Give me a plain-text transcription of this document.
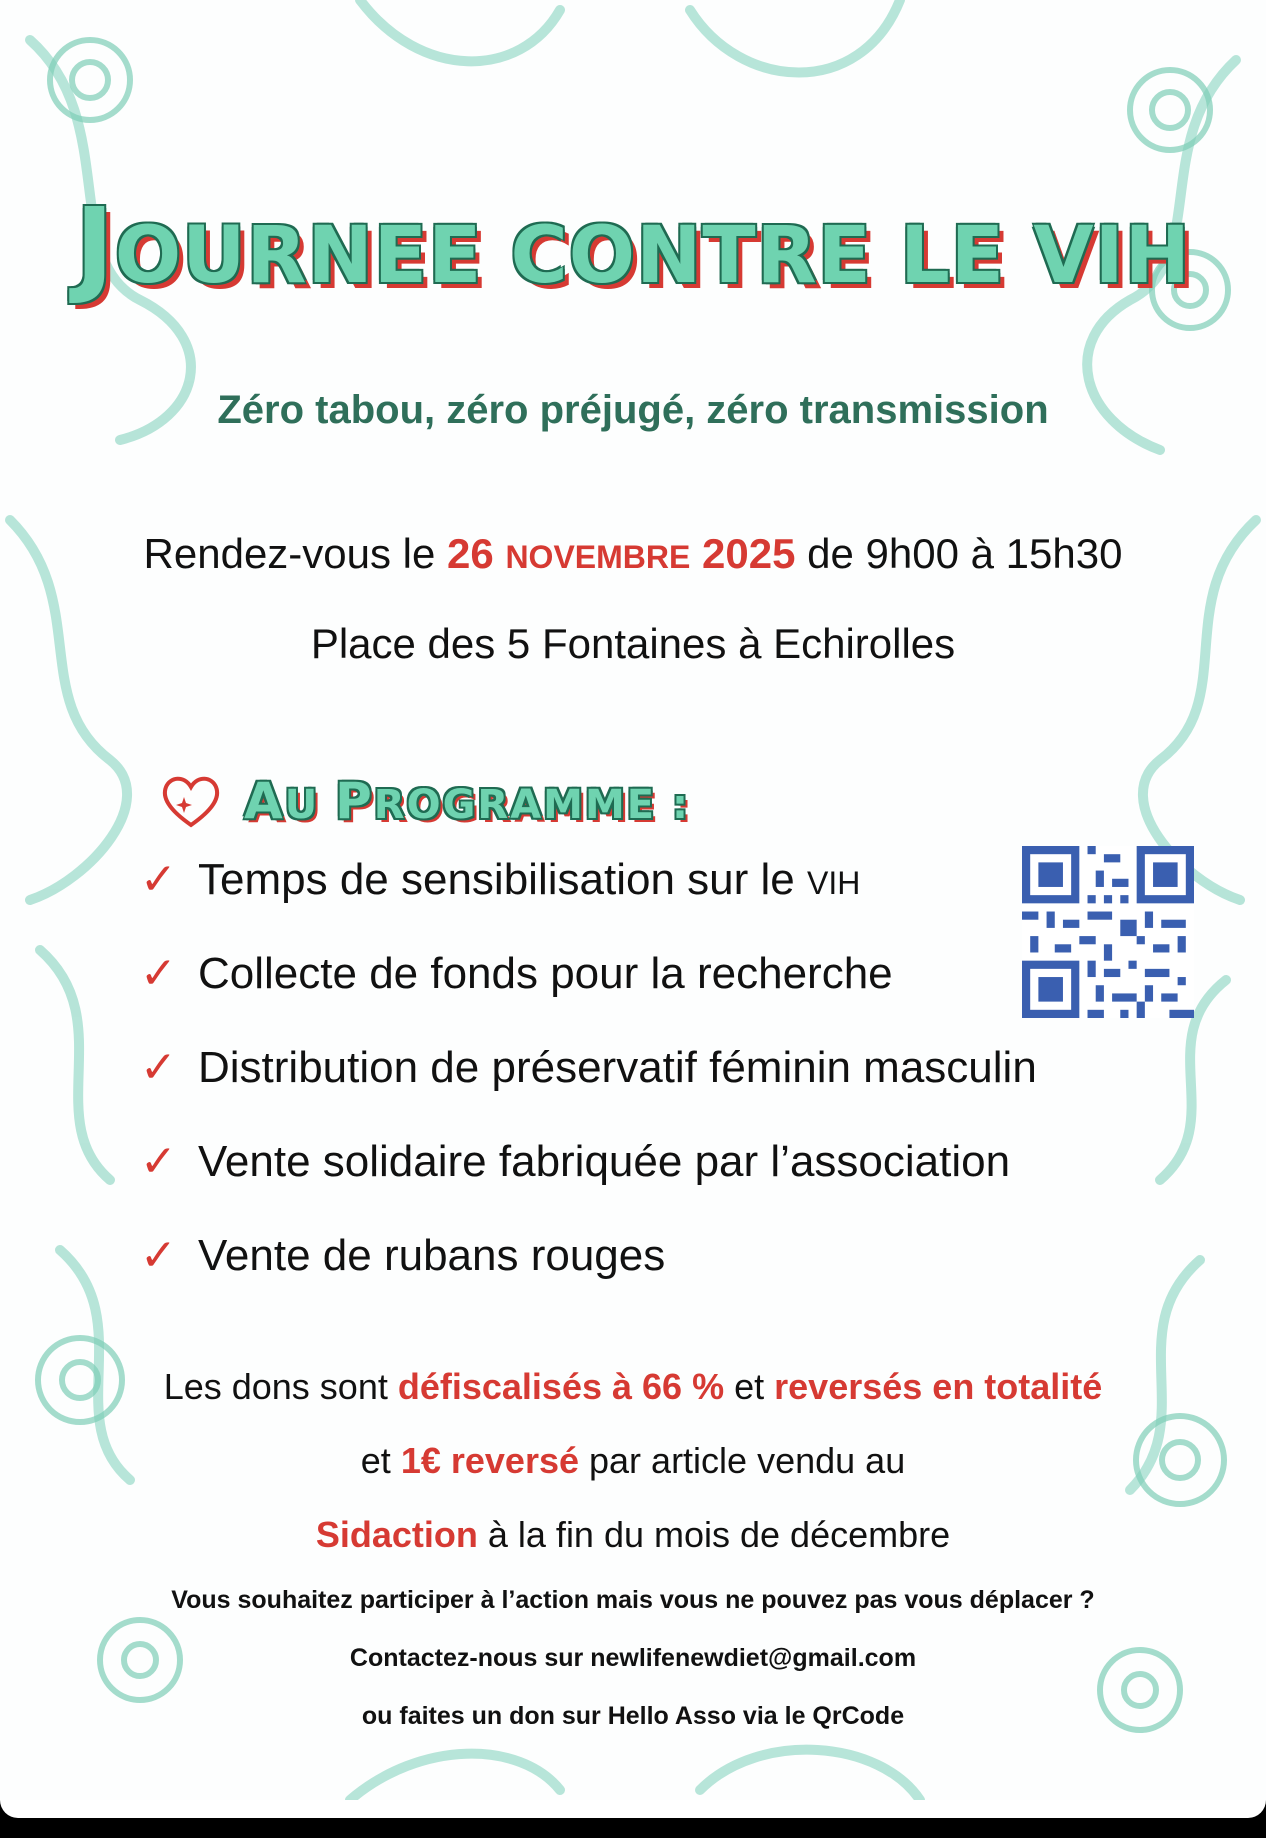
JOURNEE CONTRE LE VIH
Zéro tabou, zéro préjugé, zéro transmission
Rendez-vous le 26 NOVEMBRE 2025 de 9h00 à 15h30
Place des 5 Fontaines à Echirolles
AU PROGRAMME :
✓ Temps de sensibilisation sur le VIH
✓ Collecte de fonds pour la recherche
✓ Distribution de préservatif féminin masculin
✓ Vente solidaire fabriquée par l’association
✓ Vente de rubans rouges
Les dons sont défiscalisés à 66 % et reversés en totalité
et 1€ reversé par article vendu au
Sidaction à la fin du mois de décembre
Vous souhaitez participer à l’action mais vous ne pouvez pas vous déplacer ?
Contactez-nous sur newlifenewdiet@gmail.com
ou faites un don sur Hello Asso via le QrCode
